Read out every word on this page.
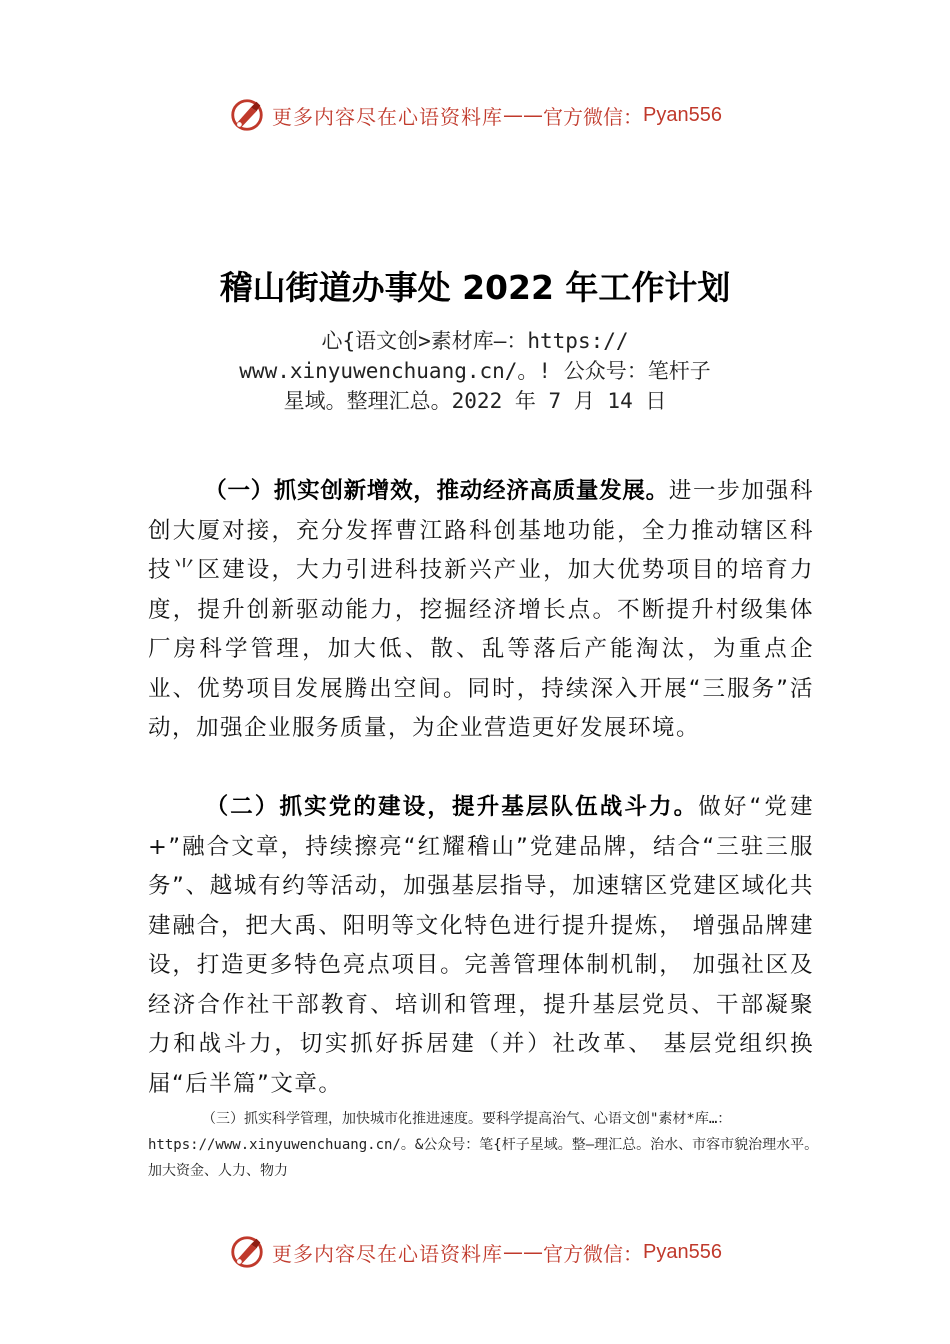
更多内容尽在心语资料库 —— 官方微信： Pyan556
稽山街道办事处 2022 年工作计划
心{语文创>素材库—：https://
www.xinyuwenchuang.cn/。! 公众号：笔杆子
星域。整理汇总。2022 年 7 月 14 日
（一）抓实创新增效，推动经济高质量发展。进一步加强科创大厦对接，充分发挥曹江路科创基地功能，全力推动辖区科技⺌区建设，大力引进科技新兴产业，加大优势项目的培育力度，提升创新驱动能力，挖掘经济增长点。不断提升村级集体厂房科学管理，加大低、散、乱等落后产能淘汰，为重点企业、优势项目发展腾出空间。同时，持续深入开展“三服务”活动，加强企业服务质量，为企业营造更好发展环境。
（二）抓实党的建设，提升基层队伍战斗力。做好“党建+”融合文章，持续擦亮“红耀稽山”党建品牌，结合“三驻三服务”、越城有约等活动，加强基层指导，加速辖区党建区域化共建融合，把大禹、阳明等文化特色进行提升提炼， 增强品牌建设，打造更多特色亮点项目。完善管理体制机制， 加强社区及经济合作社干部教育、培训和管理，提升基层党员、干部凝聚力和战斗力，切实抓好拆居建（并）社改革、 基层党组织换届“后半篇”文章。
（三）抓实科学管理，加快城市化推进速度。要科学提高治气、心语文创"素材*库…：https://www.xinyuwenchuang.cn/。&公众号：笔{杆子星域。整—理汇总。治水、市容市貌治理水平。加大资金、人力、物力
更多内容尽在心语资料库 —— 官方微信： Pyan556
